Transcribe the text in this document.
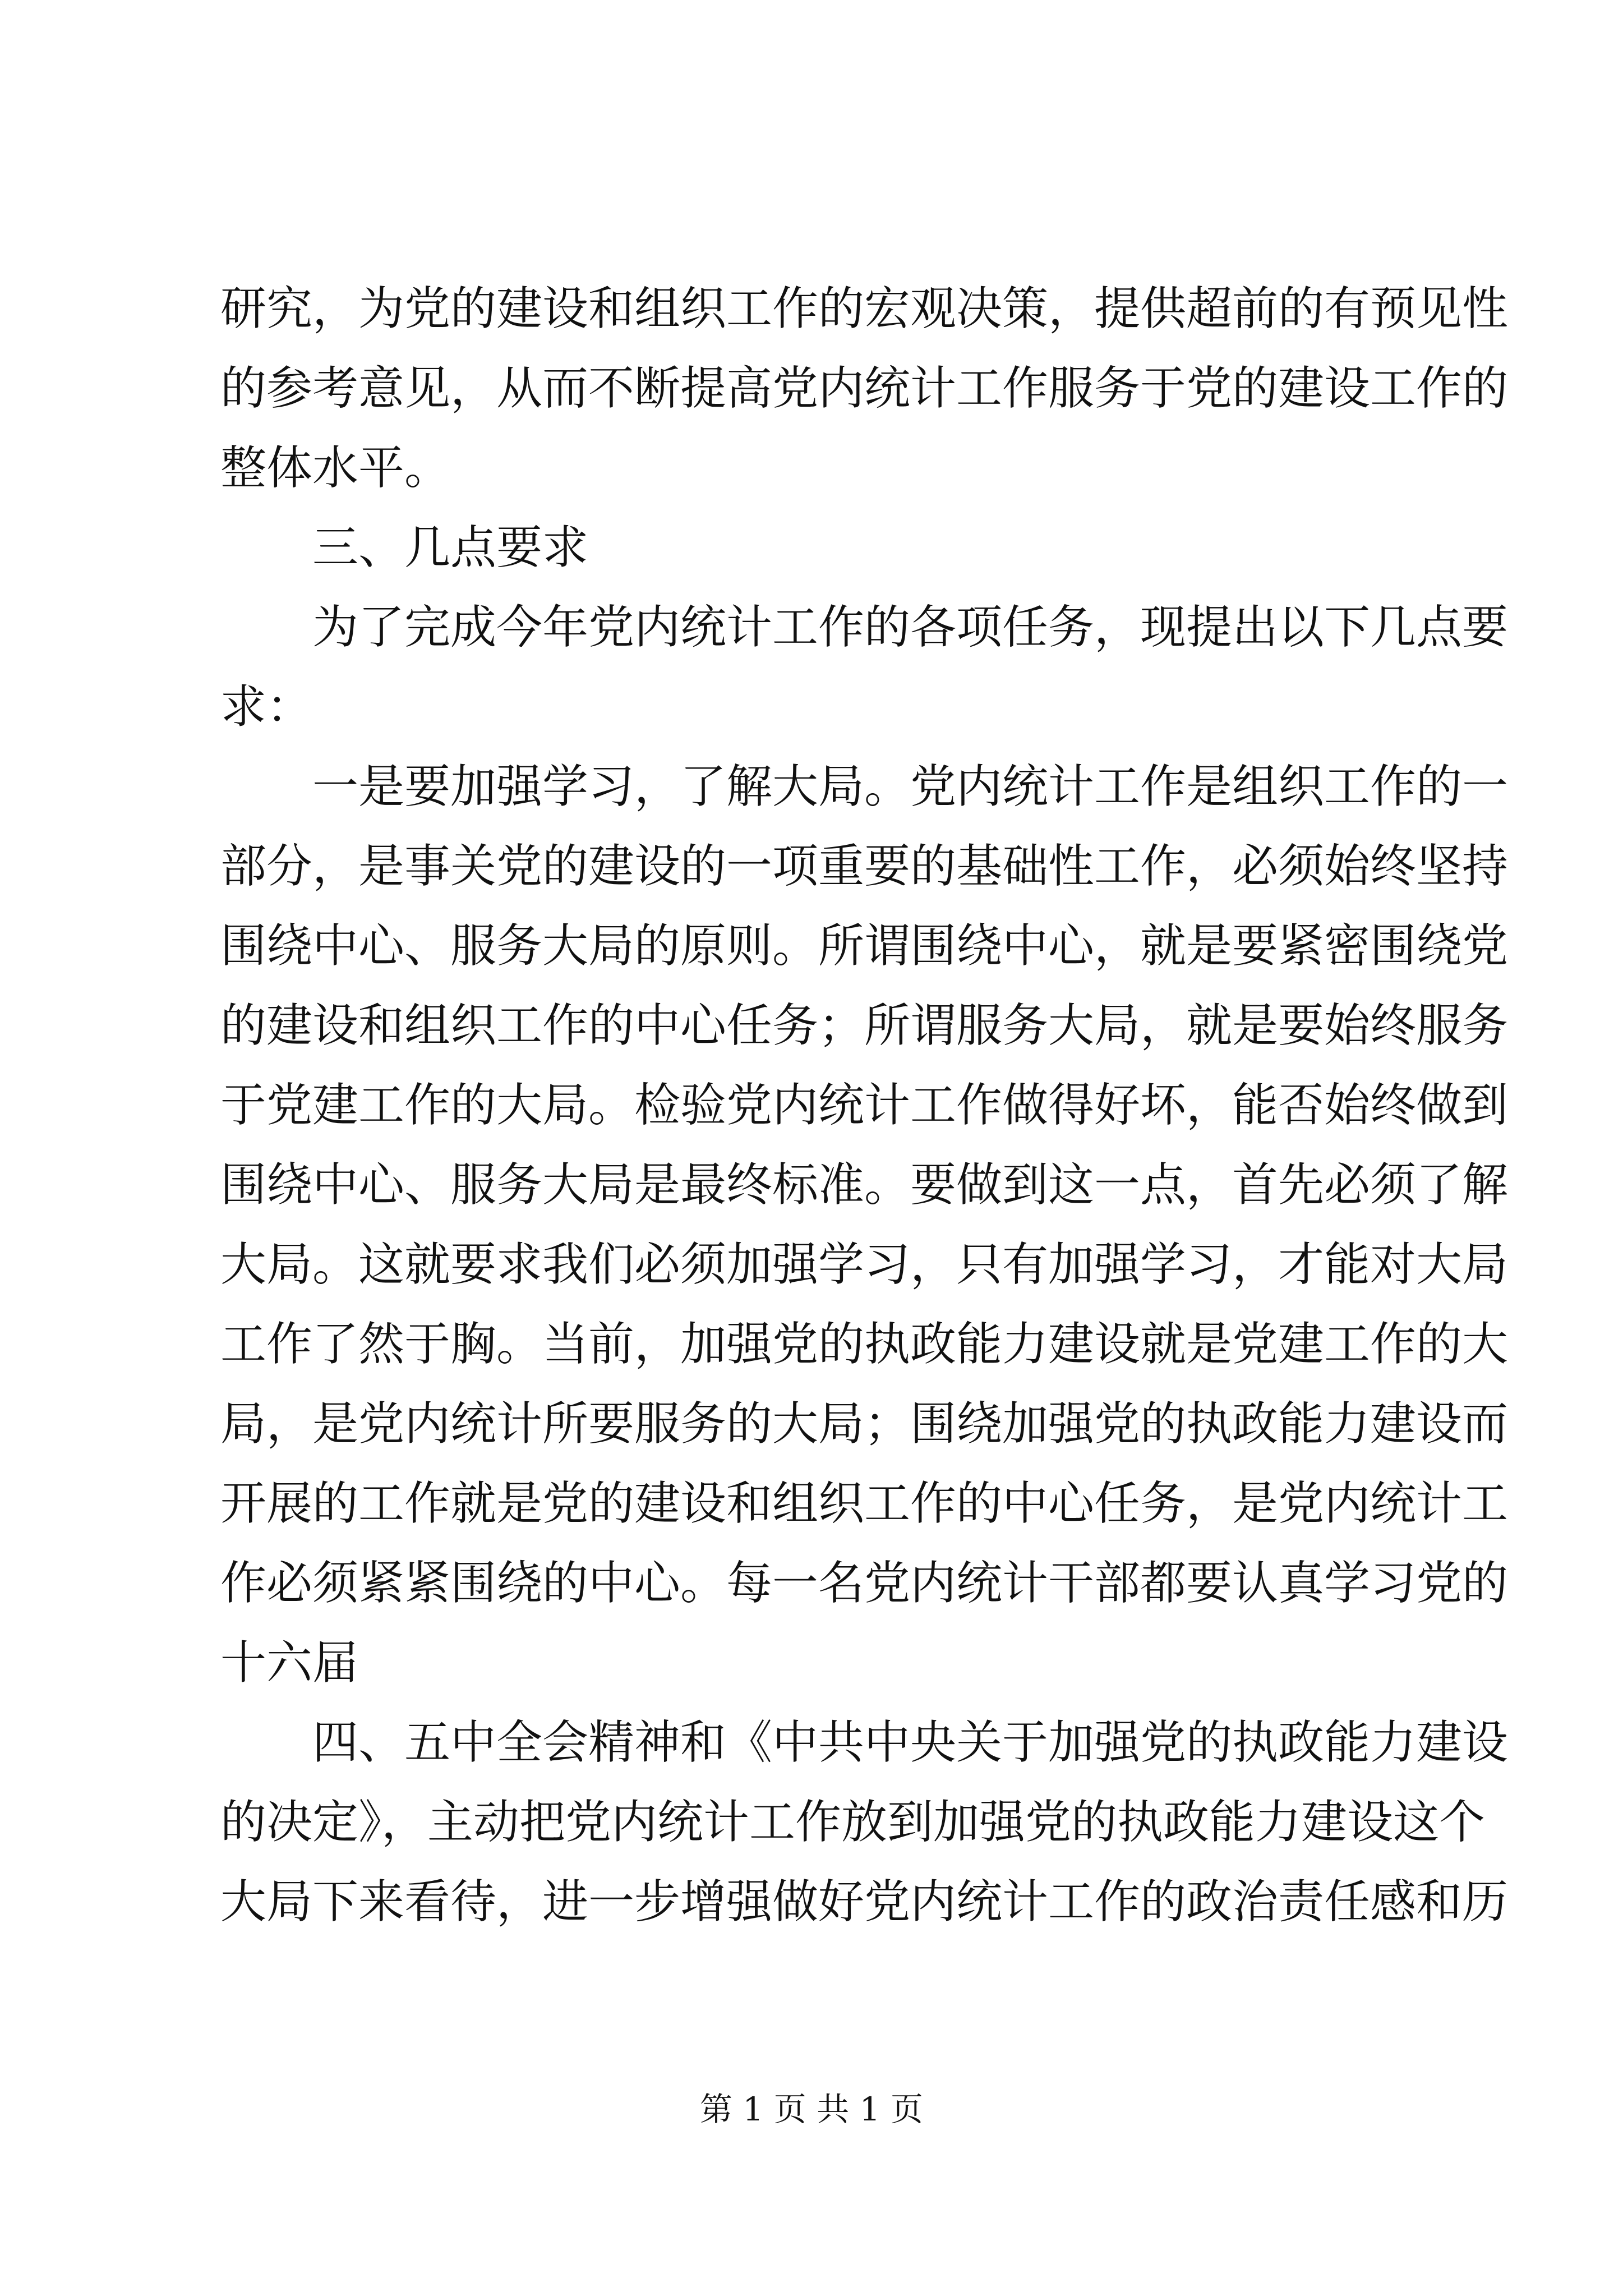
研究，为党的建设和组织工作的宏观决策，提供超前的有预见性
的参考意见，从而不断提高党内统计工作服务于党的建设工作的
整体水平。
三、几点要求
为了完成今年党内统计工作的各项任务，现提出以下几点要
求：
一是要加强学习，了解大局。党内统计工作是组织工作的一
部分，是事关党的建设的一项重要的基础性工作，必须始终坚持
围绕中心、服务大局的原则。所谓围绕中心，就是要紧密围绕党
的建设和组织工作的中心任务；所谓服务大局，就是要始终服务
于党建工作的大局。检验党内统计工作做得好坏，能否始终做到
围绕中心、服务大局是最终标准。要做到这一点，首先必须了解
大局。这就要求我们必须加强学习，只有加强学习，才能对大局
工作了然于胸。当前，加强党的执政能力建设就是党建工作的大
局，是党内统计所要服务的大局；围绕加强党的执政能力建设而
开展的工作就是党的建设和组织工作的中心任务，是党内统计工
作必须紧紧围绕的中心。每一名党内统计干部都要认真学习党的
十六届
四、五中全会精神和《中共中央关于加强党的执政能力建设
的决定》，主动把党内统计工作放到加强党的执政能力建设这个
大局下来看待，进一步增强做好党内统计工作的政治责任感和历
第 1 页 共 1 页
